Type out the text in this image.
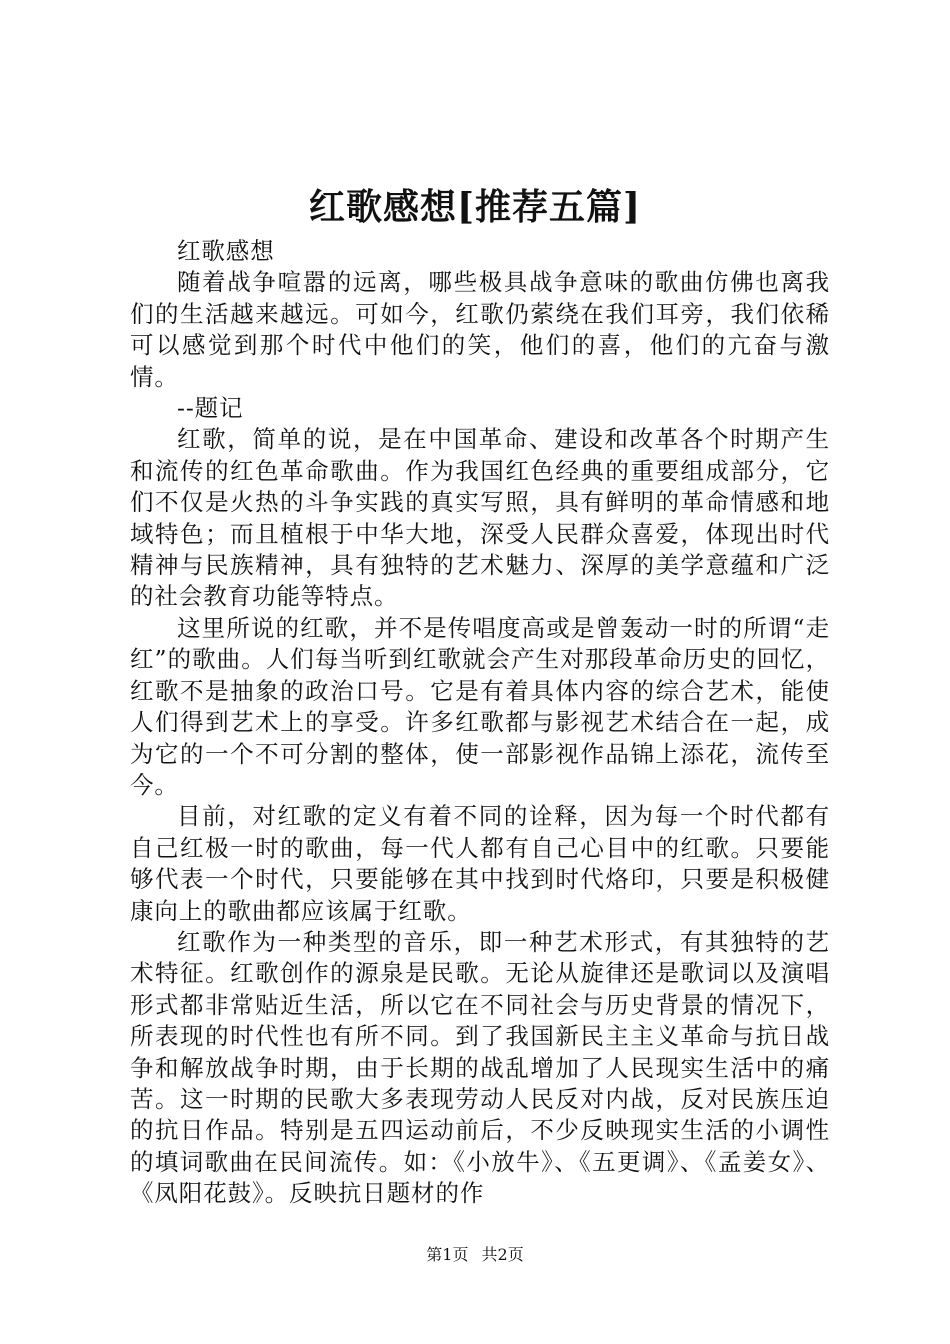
红歌感想[推荐五篇]

红歌感想

随着战争喧嚣的远离，哪些极具战争意味的歌曲仿佛也离我们的生活越来越远。可如今，红歌仍萦绕在我们耳旁，我们依稀可以感觉到那个时代中他们的笑，他们的喜，他们的亢奋与激情。

--题记

红歌，简单的说，是在中国革命、建设和改革各个时期产生和流传的红色革命歌曲。作为我国红色经典的重要组成部分，它们不仅是火热的斗争实践的真实写照，具有鲜明的革命情感和地域特色；而且植根于中华大地，深受人民群众喜爱，体现出时代精神与民族精神，具有独特的艺术魅力、深厚的美学意蕴和广泛的社会教育功能等特点。

这里所说的红歌，并不是传唱度高或是曾轰动一时的所谓“走红”的歌曲。人们每当听到红歌就会产生对那段革命历史的回忆，红歌不是抽象的政治口号。它是有着具体内容的综合艺术，能使人们得到艺术上的享受。许多红歌都与影视艺术结合在一起，成为它的一个不可分割的整体，使一部影视作品锦上添花，流传至今。

目前，对红歌的定义有着不同的诠释，因为每一个时代都有自己红极一时的歌曲，每一代人都有自己心目中的红歌。只要能够代表一个时代，只要能够在其中找到时代烙印，只要是积极健康向上的歌曲都应该属于红歌。

红歌作为一种类型的音乐，即一种艺术形式，有其独特的艺术特征。红歌创作的源泉是民歌。无论从旋律还是歌词以及演唱形式都非常贴近生活，所以它在不同社会与历史背景的情况下，所表现的时代性也有所不同。到了我国新民主主义革命与抗日战争和解放战争时期，由于长期的战乱增加了人民现实生活中的痛苦。这一时期的民歌大多表现劳动人民反对内战，反对民族压迫的抗日作品。特别是五四运动前后，不少反映现实生活的小调性的填词歌曲在民间流传。如：《小放牛》、《五更调》、《孟姜女》、《凤阳花鼓》。反映抗日题材的作

第1页 共2页
